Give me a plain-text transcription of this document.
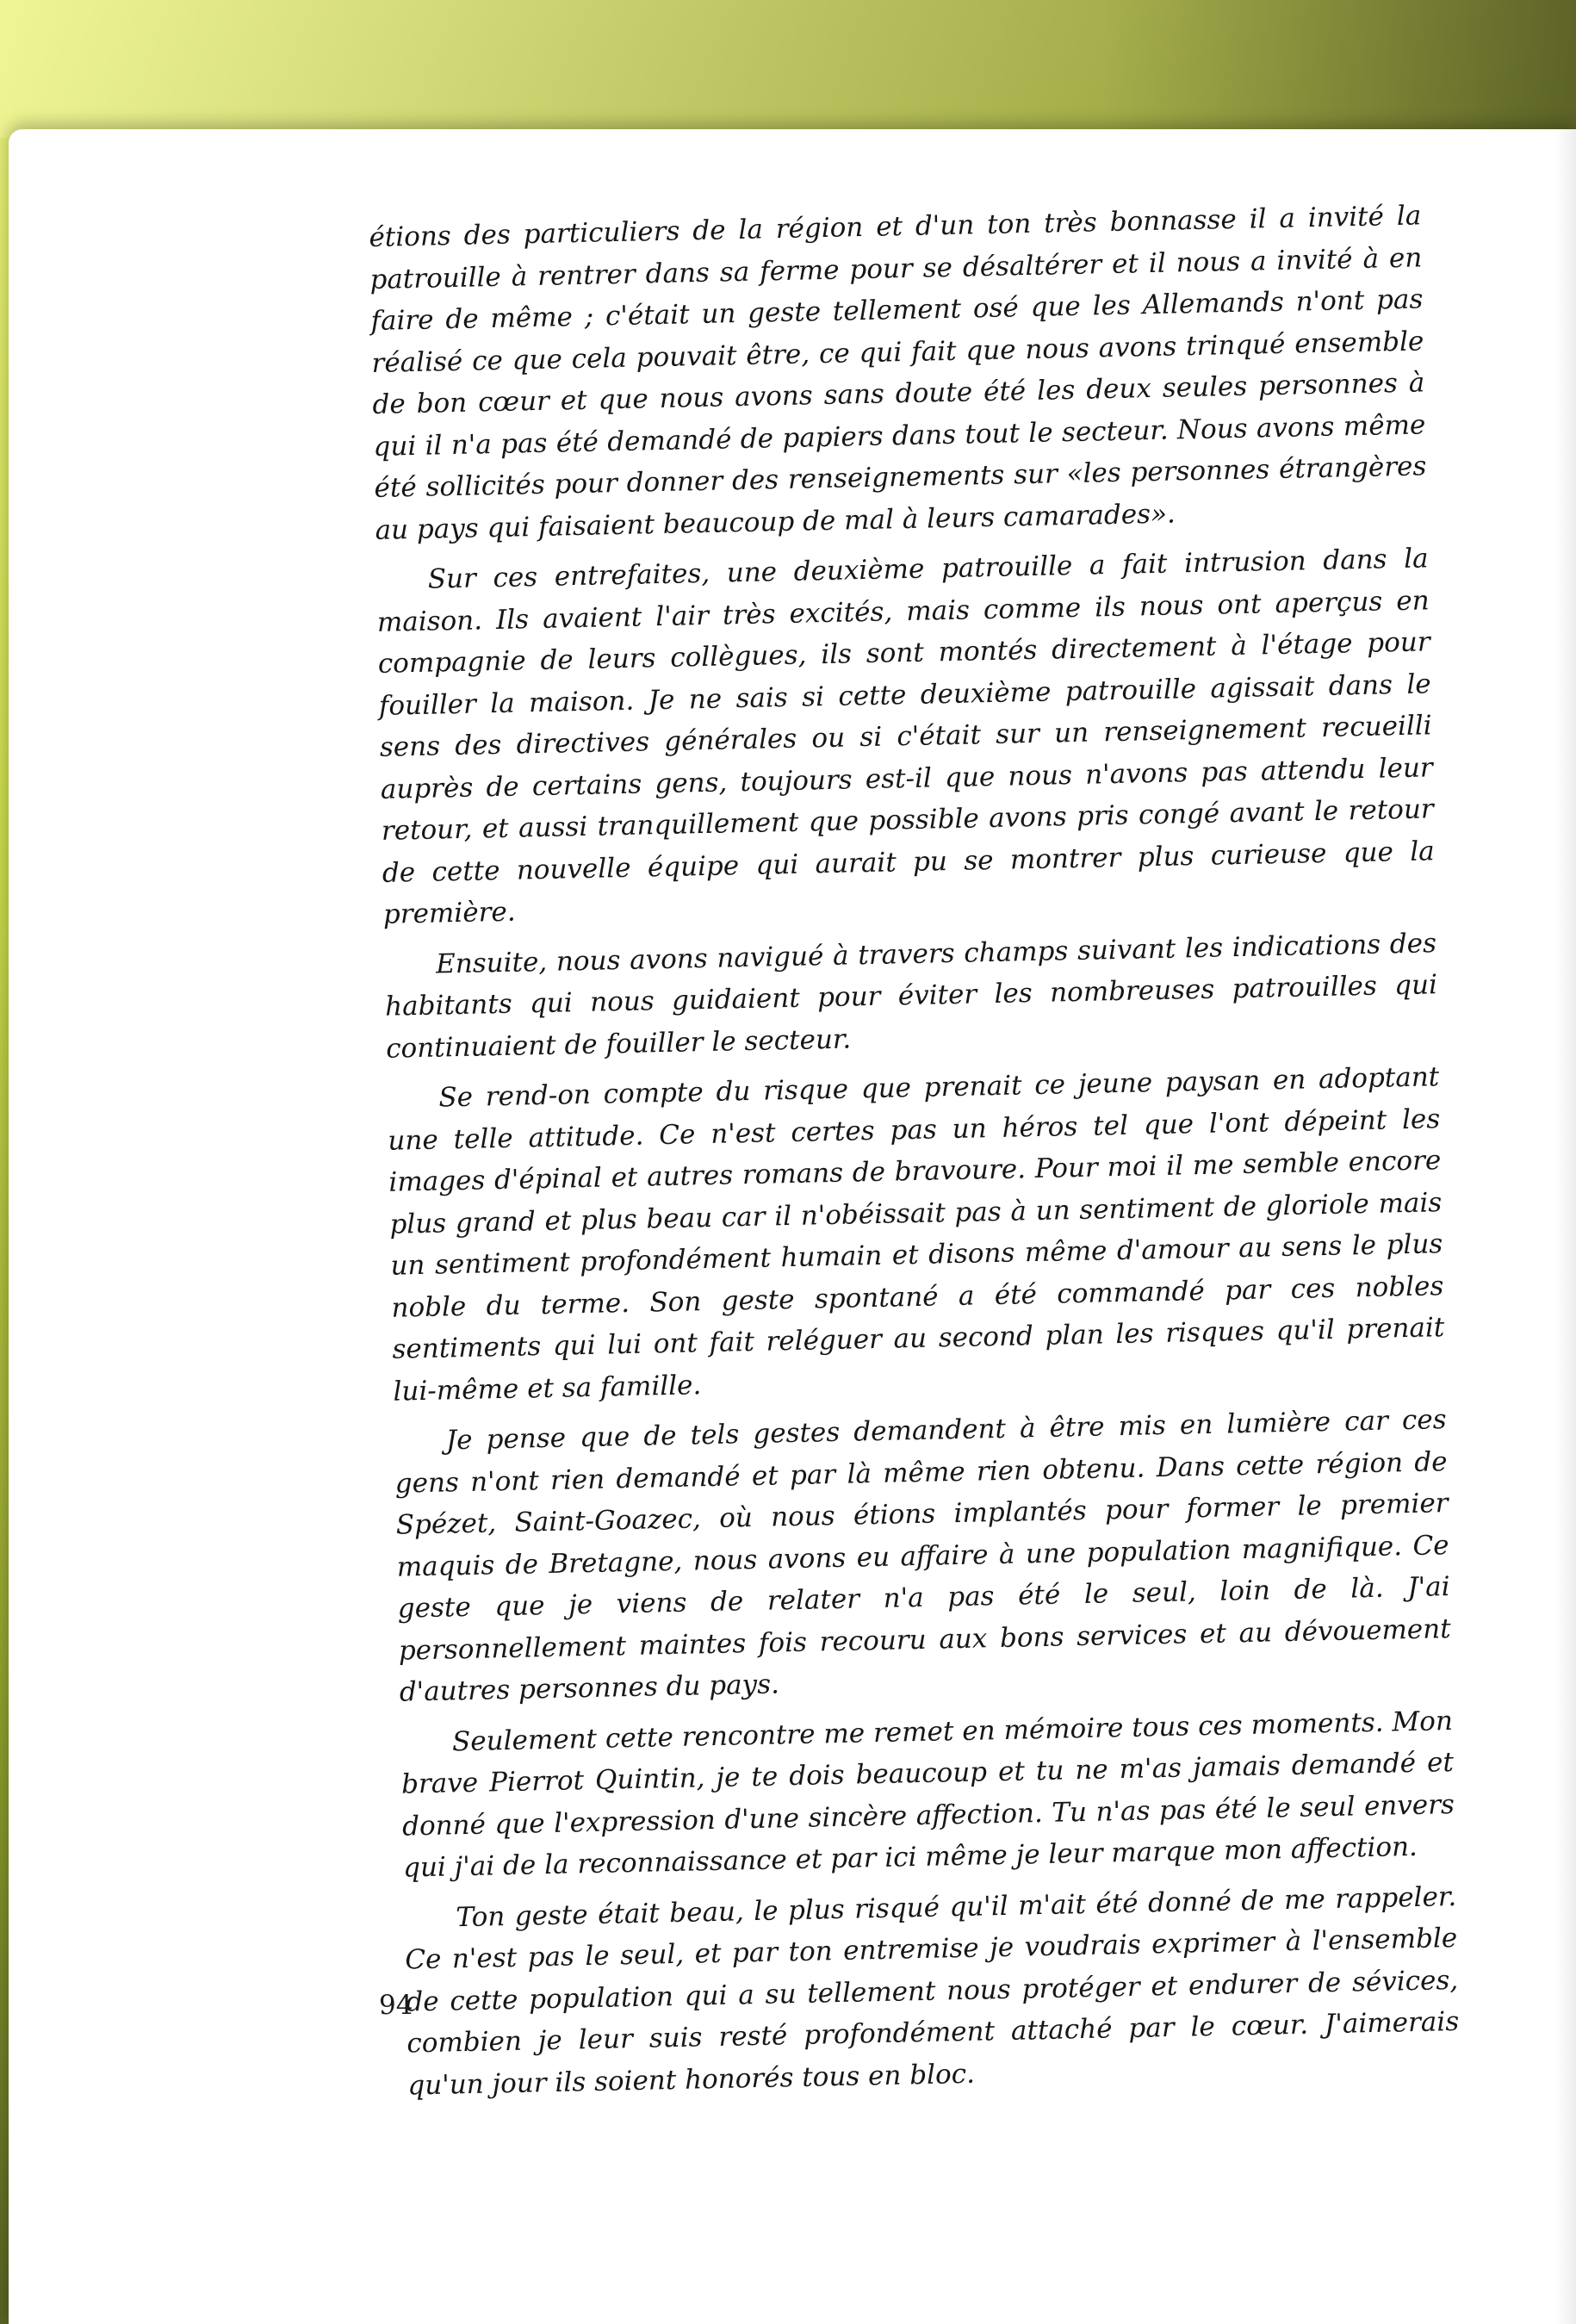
étions des particuliers de la région et d'un ton très bonnasse il a invité la patrouille à rentrer dans sa ferme pour se désaltérer et il nous a invité à en faire de même ; c'était un geste tellement osé que les Allemands n'ont pas réalisé ce que cela pouvait être, ce qui fait que nous avons trinqué ensemble de bon cœur et que nous avons sans doute été les deux seules personnes à qui il n'a pas été demandé de papiers dans tout le secteur. Nous avons même été sollicités pour donner des renseignements sur «les personnes étrangères au pays qui faisaient beaucoup de mal à leurs camarades».

Sur ces entrefaites, une deuxième patrouille a fait intrusion dans la maison. Ils avaient l'air très excités, mais comme ils nous ont aperçus en compagnie de leurs collègues, ils sont montés directement à l'étage pour fouiller la maison. Je ne sais si cette deuxième patrouille agissait dans le sens des directives générales ou si c'était sur un renseignement recueilli auprès de certains gens, toujours est-il que nous n'avons pas attendu leur retour, et aussi tranquillement que possible avons pris congé avant le retour de cette nouvelle équipe qui aurait pu se montrer plus curieuse que la première.

Ensuite, nous avons navigué à travers champs suivant les indications des habitants qui nous guidaient pour éviter les nombreuses patrouilles qui continuaient de fouiller le secteur.

Se rend-on compte du risque que prenait ce jeune paysan en adoptant une telle attitude. Ce n'est certes pas un héros tel que l'ont dépeint les images d'épinal et autres romans de bravoure. Pour moi il me semble encore plus grand et plus beau car il n'obéissait pas à un sentiment de gloriole mais un sentiment profondément humain et disons même d'amour au sens le plus noble du terme. Son geste spontané a été commandé par ces nobles sentiments qui lui ont fait reléguer au second plan les risques qu'il prenait lui-même et sa famille.

Je pense que de tels gestes demandent à être mis en lumière car ces gens n'ont rien demandé et par là même rien obtenu. Dans cette région de Spézet, Saint-Goazec, où nous étions implantés pour former le premier maquis de Bretagne, nous avons eu affaire à une population magnifique. Ce geste que je viens de relater n'a pas été le seul, loin de là. J'ai personnellement maintes fois recouru aux bons services et au dévouement d'autres personnes du pays.

Seulement cette rencontre me remet en mémoire tous ces moments. Mon brave Pierrot Quintin, je te dois beaucoup et tu ne m'as jamais demandé et donné que l'expression d'une sincère affection. Tu n'as pas été le seul envers qui j'ai de la reconnaissance et par ici même je leur marque mon affection.

Ton geste était beau, le plus risqué qu'il m'ait été donné de me rappeler. Ce n'est pas le seul, et par ton entremise je voudrais exprimer à l'ensemble de cette population qui a su tellement nous protéger et endurer de sévices, combien je leur suis resté profondément attaché par le cœur. J'aimerais qu'un jour ils soient honorés tous en bloc.

94
